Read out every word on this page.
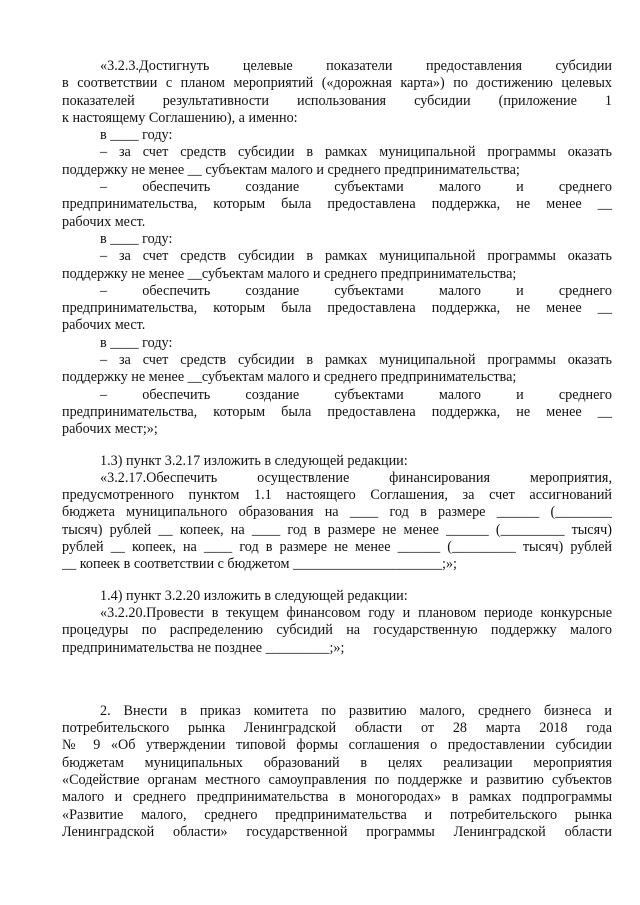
«3.2.3.Достигнуть целевые показатели предоставления субсидии
в соответствии с планом мероприятий («дорожная карта») по достижению целевых
показателей результативности использования субсидии (приложение 1
к настоящему Соглашению), а именно:
в ____ году:
– за счет средств субсидии в рамках муниципальной программы оказать
поддержку не менее __ субъектам малого и среднего предпринимательства;
– обеспечить создание субъектами малого и среднего
предпринимательства, которым была предоставлена поддержка, не менее __
рабочих мест.
в ____ году:
– за счет средств субсидии в рамках муниципальной программы оказать
поддержку не менее __субъектам малого и среднего предпринимательства;
– обеспечить создание субъектами малого и среднего
предпринимательства, которым была предоставлена поддержка, не менее __
рабочих мест.
в ____ году:
– за счет средств субсидии в рамках муниципальной программы оказать
поддержку не менее __субъектам малого и среднего предпринимательства;
– обеспечить создание субъектами малого и среднего
предпринимательства, которым была предоставлена поддержка, не менее __
рабочих мест;»;
1.3) пункт 3.2.17 изложить в следующей редакции:
«3.2.17.Обеспечить осуществление финансирования мероприятия,
предусмотренного пунктом 1.1 настоящего Соглашения, за счет ассигнований
бюджета муниципального образования на ____ год в размере ______ (________
тысяч) рублей __ копеек, на ____ год в размере не менее ______ (_________ тысяч)
рублей __ копеек, на ____ год в размере не менее ______ (_________ тысяч) рублей
__ копеек в соответствии с бюджетом _____________________;»;
1.4) пункт 3.2.20 изложить в следующей редакции:
«3.2.20.Провести в текущем финансовом году и плановом периоде конкурсные
процедуры по распределению субсидий на государственную поддержку малого
предпринимательства не позднее _________;»;
2. Внести в приказ комитета по развитию малого, среднего бизнеса и
потребительского рынка Ленинградской области от 28 марта 2018 года
№ 9 «Об утверждении типовой формы соглашения о предоставлении субсидии
бюджетам муниципальных образований в целях реализации мероприятия
«Содействие органам местного самоуправления по поддержке и развитию субъектов
малого и среднего предпринимательства в моногородах» в рамках подпрограммы
«Развитие малого, среднего предпринимательства и потребительского рынка
Ленинградской области» государственной программы Ленинградской области
